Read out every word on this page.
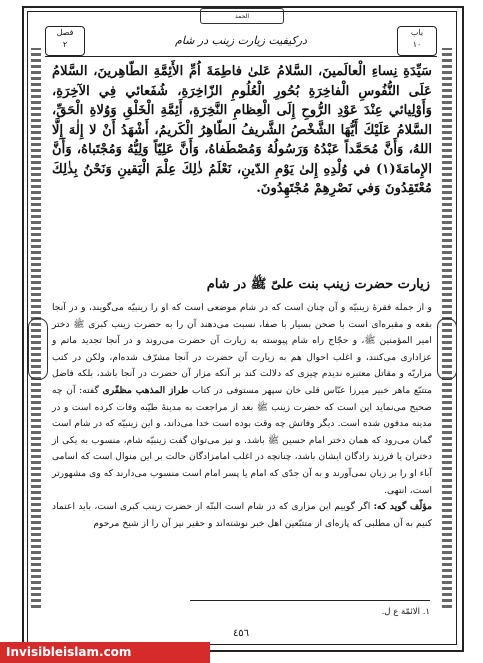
الحمد
فصل
٢	درکیفیت زیارت زینب در شام
باب
١٠
سَيِّدَةِ نِساءِ الْعالَمينَ، السَّلامُ عَلىٰ فاطِمَةَ اُمِّ الأَئِمَّةِ الطّاهِرينَ، السَّلامُ عَلَى النُّفُوسِ الْفاخِرَةِ بُحُورِ الْعُلُومِ الزّاخِرَةِ، شُفَعائي فِي الآخِرَةِ، وَأَوْلِيائي عِنْدَ عَوْدِ الرُّوحِ إِلَى الْعِظامِ النَّخِرَةِ، أَئِمَّةِ الْخَلْقِ وَوُلاةِ الْحَقِّ، السَّلامُ عَلَيْكَ أَيُّهَا الشَّخْصُ الشَّريفُ الطّاهِرُ الْكَريمُ، أَشْهَدُ أَنْ لا إِلٰهَ إِلَّا اللهُ، وَأَنَّ مُحَمَّداً عَبْدُهُ وَرَسُولُهُ وَمُصْطَفاهُ، وَأَنَّ عَلِيّاً وَلِيُّهُ وَمُجْتَباهُ، وَأَنَّ الإِمامَةَ(١) في وُلْدِهِ إِلىٰ يَوْمِ الدّينِ، نَعْلَمُ ذٰلِكَ عِلْمَ الْيَقينِ وَنَحْنُ بِذٰلِكَ مُعْتَقِدُونَ وَفي نَصْرِهِمْ مُجْتَهِدُونَ.
زیارت حضرت زینب بنت علیّ ﷺ در شام

و از جمله فقرۀ زینبیّه و آن چنان است که در شام موضعی است که او را زینبیّه می‌گویند، و در آنجا بقعه و مقبره‌ای است با صحن بسیار با صفا، نسبت می‌دهند آن را به حضرت زینب کبری ﷺ دختر امیر المؤمنین ﷺ، و حجّاج راه شام پیوسته به زیارت آن حضرت می‌روند و در آنجا تجدید ماتم و عزاداری می‌کنند، و اغلب احوال هم به زیارت آن حضرت در آنجا مشرّف شده‌ام، ولکن در کتب مزاریّه و مقاتل معتبره ندیدم چیزی که دلالت کند بر آنکه مزار آن حضرت در آنجا باشد، بلکه فاضل متتبّع ماهر خبیر میرزا عبّاس قلی خان سپهر مستوفی در کتاب طراز المذهب مظفّری گفته: آن چه صحیح می‌نماید این است که حضرت زینب ﷺ بعد از مراجعت به مدینۀ طیّبه وفات کرده است و در مدینه مدفون شده است. دیگر وفاتش چه وقت بوده است خدا می‌داند، و این زینبیّه که در شام است گمان می‌رود که همان دختر امام حسین ﷺ باشد. و نیز می‌توان گفت زینبیّه شام، منسوب به یکی از دختران یا فرزند زادگان ایشان باشد، چنانچه در اغلب امامزادگان حالت بر این منوال است که اسامی آباء او را بر زبان نمی‌آورند و به آن جدّی که امام یا پسر امام است منسوب می‌دارند که وی مشهورتر است، انتهی.

مؤلّف گوید که: اگر گوییم این مزاری که در شام است البتّه از حضرت زینب کبری است، باید اعتماد کنیم به آن مطلبی که پاره‌ای از متتبّعین اهل خبر نوشته‌اند و حقیر نیز آن را از شیخ مرحوم

١. الائمّة ع ل.
٤٥٦
Invisibleislam.com
